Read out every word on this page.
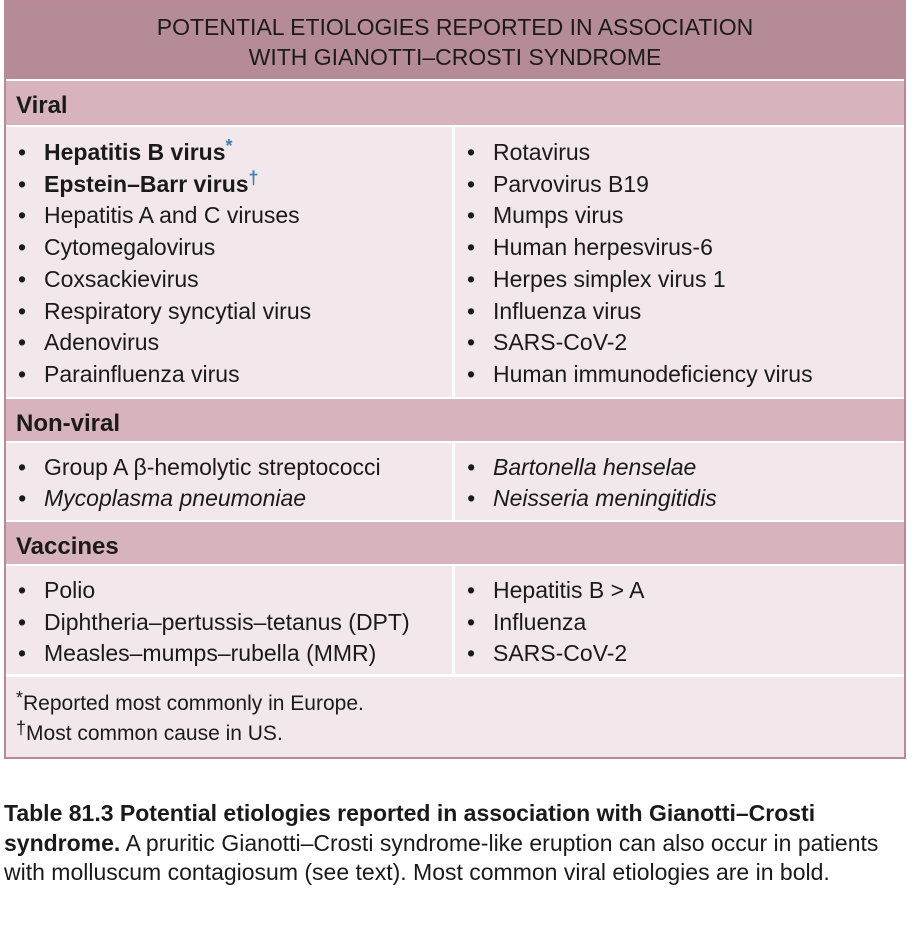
POTENTIAL ETIOLOGIES REPORTED IN ASSOCIATION
WITH GIANOTTI–CROSTI SYNDROME
Viral
• Hepatitis B virus*
• Epstein–Barr virus†
• Hepatitis A and C viruses
• Cytomegalovirus
• Coxsackievirus
• Respiratory syncytial virus
• Adenovirus
• Parainfluenza virus
• Rotavirus
• Parvovirus B19
• Mumps virus
• Human herpesvirus-6
• Herpes simplex virus 1
• Influenza virus
• SARS-CoV-2
• Human immunodeficiency virus
Non-viral
• Group A β-hemolytic streptococci
• Mycoplasma pneumoniae
• Bartonella henselae
• Neisseria meningitidis
Vaccines
• Polio
• Diphtheria–pertussis–tetanus (DPT)
• Measles–mumps–rubella (MMR)
• Hepatitis B > A
• Influenza
• SARS-CoV-2
*Reported most commonly in Europe.
†Most common cause in US.
Table 81.3 Potential etiologies reported in association with Gianotti–Crosti syndrome. A pruritic Gianotti–Crosti syndrome-like eruption can also occur in patients with molluscum contagiosum (see text). Most common viral etiologies are in bold.
